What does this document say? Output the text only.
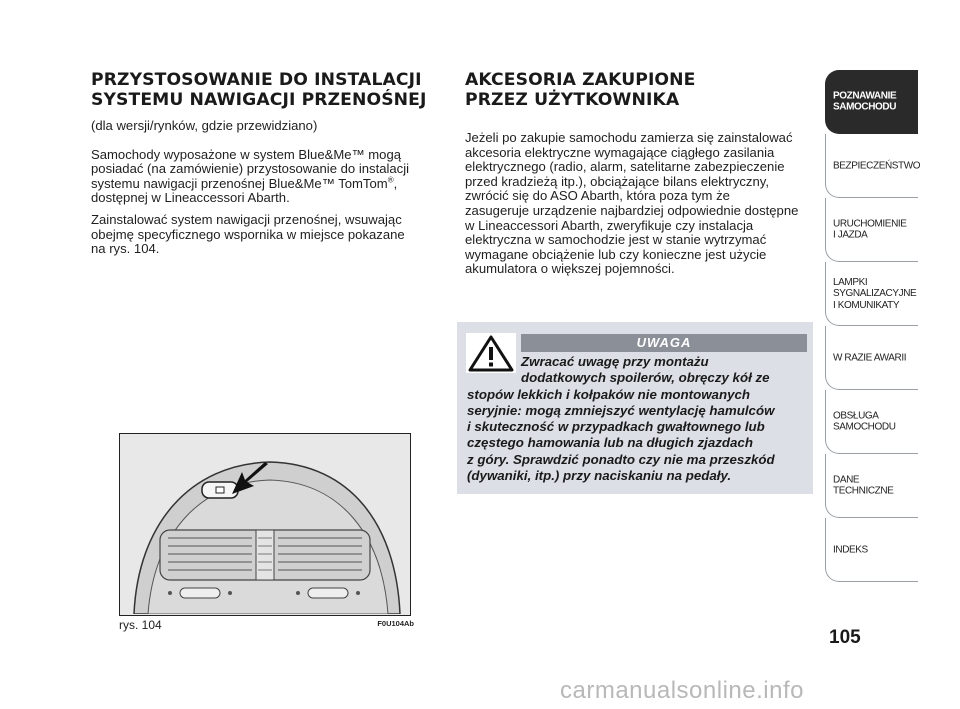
PRZYSTOSOWANIE DO INSTALACJI
SYSTEMU NAWIGACJI PRZENOŚNEJ

(dla wersji/rynków, gdzie przewidziano)

Samochody wyposażone w system Blue&Me™ mogą
posiadać (na zamówienie) przystosowanie do instalacji
systemu nawigacji przenośnej Blue&Me™ TomTom®,
dostępnej w Lineaccessori Abarth.

Zainstalować system nawigacji przenośnej, wsuwając
obejmę specyficznego wspornika w miejsce pokazane
na rys. 104.

rys. 104	F0U104Ab
AKCESORIA ZAKUPIONE
PRZEZ UŻYTKOWNIKA

Jeżeli po zakupie samochodu zamierza się zainstalować
akcesoria elektryczne wymagające ciągłego zasilania
elektrycznego (radio, alarm, satelitarne zabezpieczenie
przed kradzieżą itp.), obciążające bilans elektryczny,
zwrócić się do ASO Abarth, która poza tym że
zasugeruje urządzenie najbardziej odpowiednie dostępne
w Lineaccessori Abarth, zweryfikuje czy instalacja
elektryczna w samochodzie jest w stanie wytrzymać
wymagane obciążenie lub czy konieczne jest użycie
akumulatora o większej pojemności.

UWAGA
Zwracać uwagę przy montażu
dodatkowych spoilerów, obręczy kół ze
stopów lekkich i kołpaków nie montowanych
seryjnie: mogą zmniejszyć wentylację hamulców
i skuteczność w przypadkach gwałtownego lub
częstego hamowania lub na długich zjazdach
z góry. Sprawdzić ponadto czy nie ma przeszkód
(dywaniki, itp.) przy naciskaniu na pedały.
POZNAWANIE
SAMOCHODU
BEZPIECZEŃSTWO
URUCHOMIENIE
I JAZDA
LAMPKI
SYGNALIZACYJNE
I KOMUNIKATY
W RAZIE AWARII
OBSŁUGA
SAMOCHODU
DANE
TECHNICZNE
INDEKS
105
carmanualsonline.info
